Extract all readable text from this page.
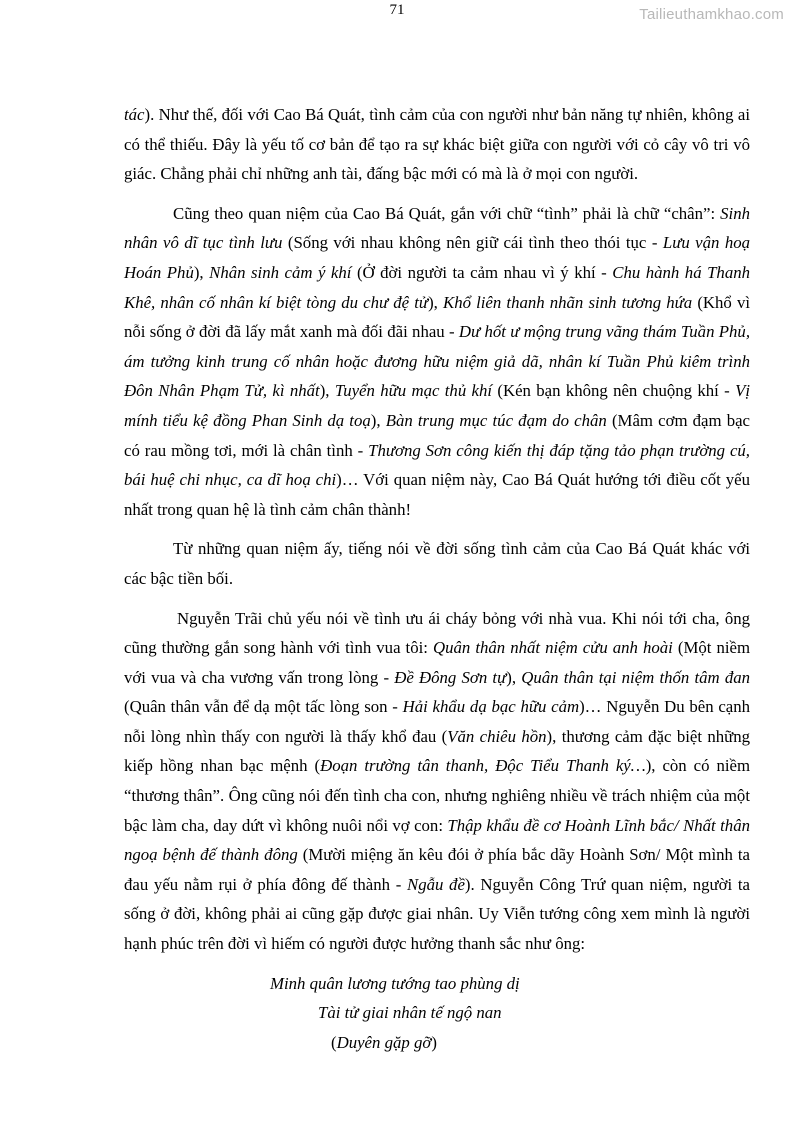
71	Tailieuthamkhao.com

tác). Như thế, đối với Cao Bá Quát, tình cảm của con người như bản năng tự nhiên, không ai có thể thiếu. Đây là yếu tố cơ bản để tạo ra sự khác biệt giữa con người với cỏ cây vô tri vô giác. Chẳng phải chỉ những anh tài, đấng bậc mới có mà là ở mọi con người.

Cũng theo quan niệm của Cao Bá Quát, gắn với chữ “tình” phải là chữ “chân”: Sinh nhân vô dĩ tục tình lưu (Sống với nhau không nên giữ cái tình theo thói tục - Lưu vận hoạ Hoán Phủ), Nhân sinh cảm ý khí (Ở đời người ta cảm nhau vì ý khí - Chu hành há Thanh Khê, nhân cố nhân kí biệt tòng du chư đệ tử), Khổ liên thanh nhãn sinh tương hứa (Khổ vì nỗi sống ở đời đã lấy mắt xanh mà đối đãi nhau - Dư hốt ư mộng trung vãng thám Tuần Phủ, ám tưởng kinh trung cố nhân hoặc đương hữu niệm giả dã, nhân kí Tuần Phủ kiêm trình Đôn Nhân Phạm Tử, kì nhất), Tuyển hữu mạc thủ khí (Kén bạn không nên chuộng khí - Vị mính tiểu kệ đồng Phan Sinh dạ toạ), Bàn trung mục túc đạm do chân (Mâm cơm đạm bạc có rau mồng tơi, mới là chân tình - Thương Sơn công kiến thị đáp tặng tảo phạn trường cú, bái huệ chi nhục, ca dĩ hoạ chi)… Với quan niệm này, Cao Bá Quát hướng tới điều cốt yếu nhất trong quan hệ là tình cảm chân thành!

Từ những quan niệm ấy, tiếng nói về đời sống tình cảm của Cao Bá Quát khác với các bậc tiền bối.

Nguyễn Trãi chủ yếu nói về tình ưu ái cháy bỏng với nhà vua. Khi nói tới cha, ông cũng thường gắn song hành với tình vua tôi: Quân thân nhất niệm cửu anh hoài (Một niềm với vua và cha vương vấn trong lòng - Đề Đông Sơn tự), Quân thân tại niệm thốn tâm đan (Quân thân vẫn để dạ một tấc lòng son - Hải khẩu dạ bạc hữu cảm)… Nguyễn Du bên cạnh nỗi lòng nhìn thấy con người là thấy khổ đau (Văn chiêu hồn), thương cảm đặc biệt những kiếp hồng nhan bạc mệnh (Đoạn trường tân thanh, Độc Tiểu Thanh ký…), còn có niềm “thương thân”. Ông cũng nói đến tình cha con, nhưng nghiêng nhiều về trách nhiệm của một bậc làm cha, day dứt vì không nuôi nổi vợ con: Thập khẩu đề cơ Hoành Lĩnh bắc/ Nhất thân ngoạ bệnh đế thành đông (Mười miệng ăn kêu đói ở phía bắc dãy Hoành Sơn/ Một mình ta đau yếu nằm rụi ở phía đông đế thành - Ngẫu đề). Nguyễn Công Trứ quan niệm, người ta sống ở đời, không phải ai cũng gặp được giai nhân. Uy Viễn tướng công xem mình là người hạnh phúc trên đời vì hiếm có người được hưởng thanh sắc như ông:

Minh quân lương tướng tao phùng dị
Tài tử giai nhân tế ngộ nan
(Duyên gặp gỡ)
